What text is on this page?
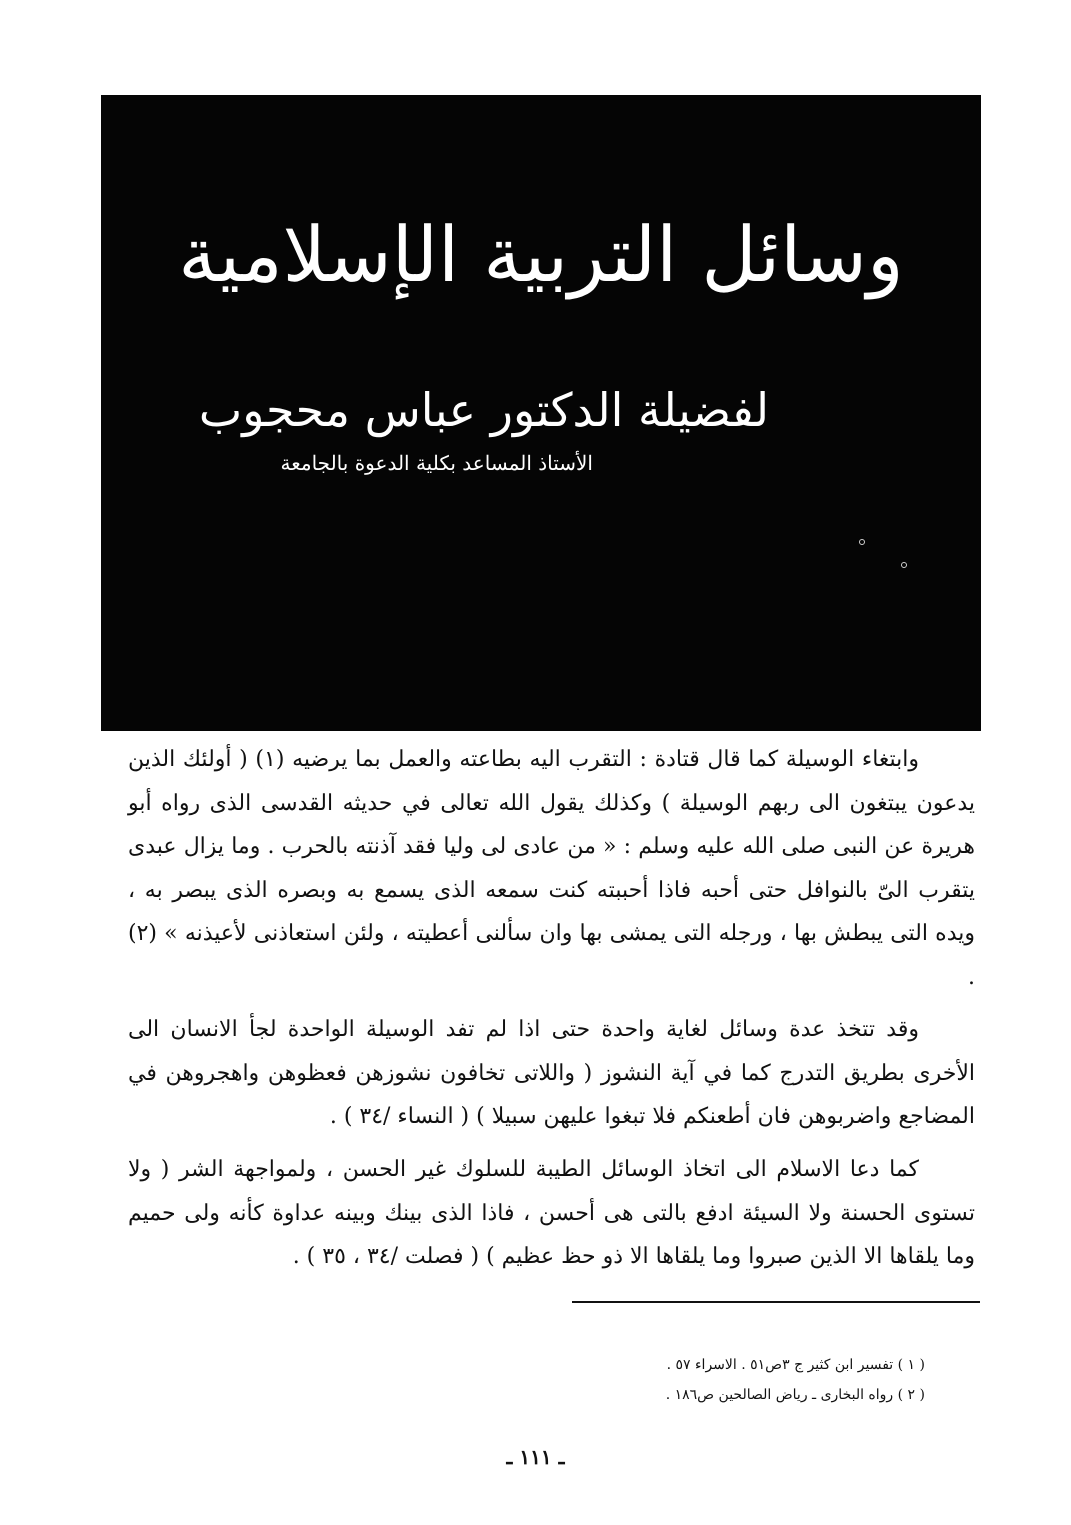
وسائل التربية الإسلامية
لفضيلة الدكتور عباس محجوب
الأستاذ المساعد بكلية الدعوة بالجامعة

وابتغاء الوسيلة كما قال قتادة : التقرب اليه بطاعته والعمل بما يرضيه (١) ( أولئك الذين يدعون يبتغون الى ربهم الوسيلة ) وكذلك يقول الله تعالى في حديثه القدسى الذى رواه أبو هريرة عن النبى صلى الله عليه وسلم : « من عادى لى وليا فقد آذنته بالحرب . وما يزال عبدى يتقرب الىّ بالنوافل حتى أحبه فاذا أحببته كنت سمعه الذى يسمع به وبصره الذى يبصر به ، ويده التى يبطش بها ، ورجله التى يمشى بها وان سألنى أعطيته ، ولئن استعاذنى لأعيذنه » (٢) .

وقد تتخذ عدة وسائل لغاية واحدة حتى اذا لم تفد الوسيلة الواحدة لجأ الانسان الى الأخرى بطريق التدرج كما في آية النشوز ( واللاتى تخافون نشوزهن فعظوهن واهجروهن في المضاجع واضربوهن فان أطعنكم فلا تبغوا عليهن سبيلا ) ( النساء /٣٤ ) .

كما دعا الاسلام الى اتخاذ الوسائل الطيبة للسلوك غير الحسن ، ولمواجهة الشر ( ولا تستوى الحسنة ولا السيئة ادفع بالتى هى أحسن ، فاذا الذى بينك وبينه عداوة كأنه ولى حميم وما يلقاها الا الذين صبروا وما يلقاها الا ذو حظ عظيم ) ( فصلت /٣٤ ، ٣٥ ) .

( ١ ) تفسير ابن كثير ج ٣ص٥١ . الاسراء ٥٧ .
( ٢ ) رواه البخارى ـ رياض الصالحين ص١٨٦ .
ـ ١١١ ـ
